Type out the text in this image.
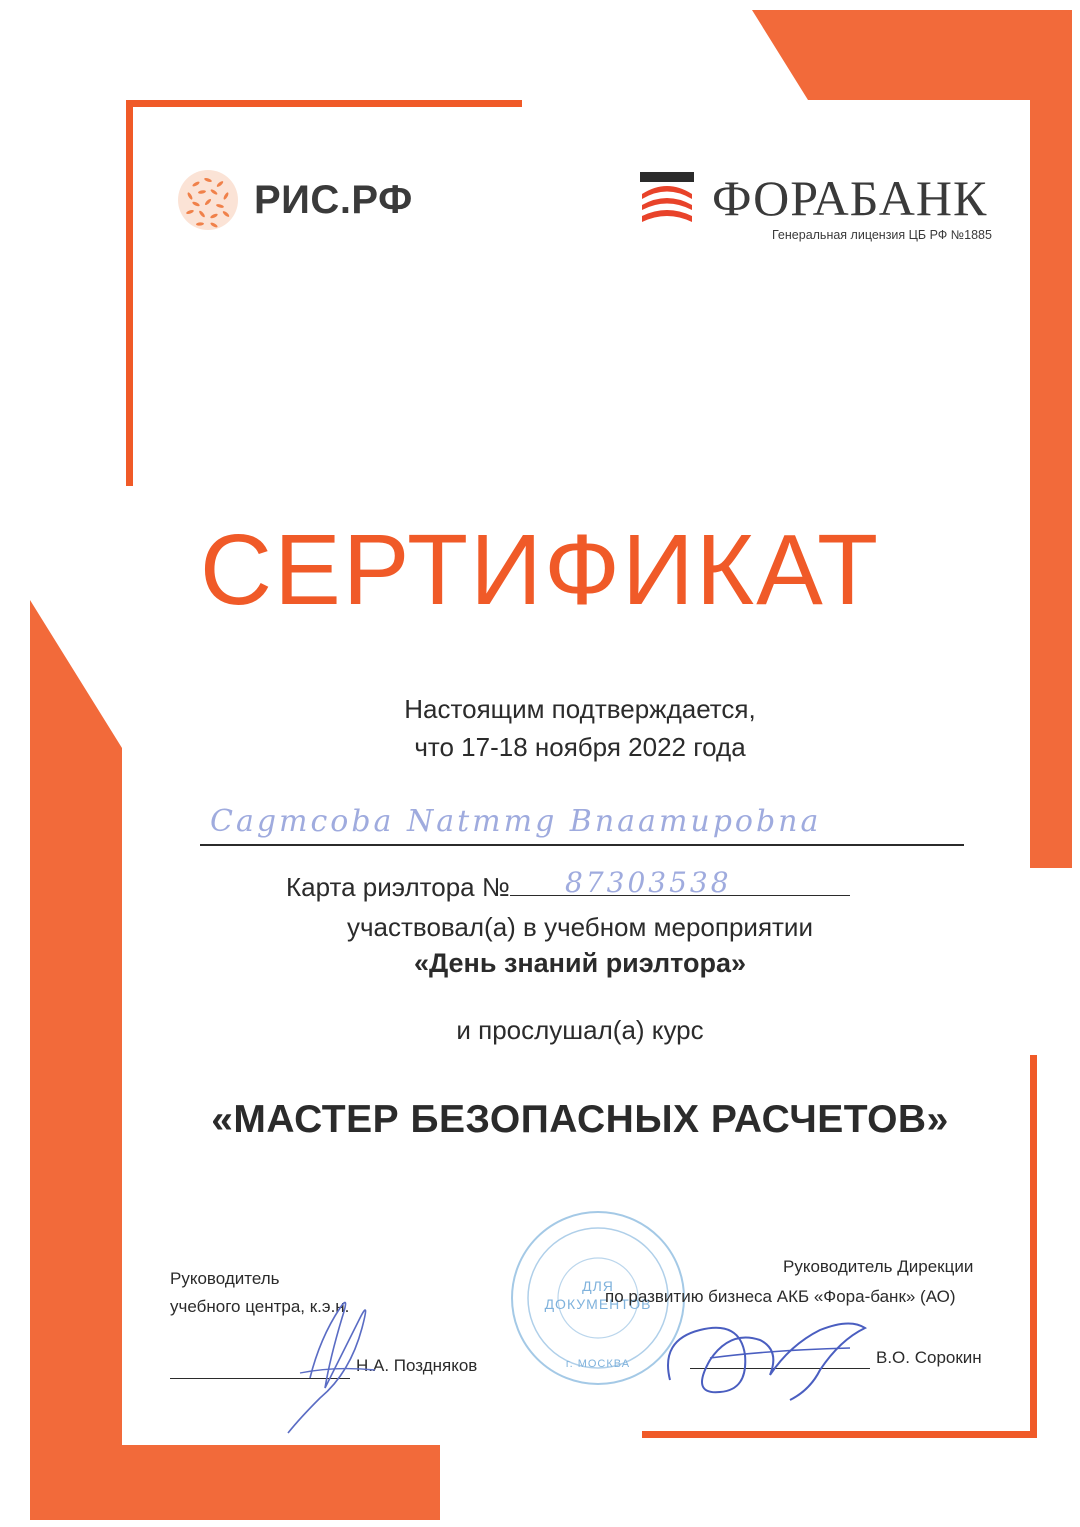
РИС.РФ	ФОРАБАНК
Генеральная лицензия ЦБ РФ №1885
СЕРТИФИКАТ
Настоящим подтверждается,
что 17-18 ноября 2022 года
Cagmcoba Natmmg Bnaamupobna
Карта риэлтора №	87303538
участвовал(а) в учебном мероприятии
«День знаний риэлтора»
и прослушал(а) курс
«МАСТЕР БЕЗОПАСНЫХ РАСЧЕТОВ»
Руководитель
учебного центра, к.э.н.
Н.А. Поздняков
ДЛЯ
ДОКУМЕНТОВ
г. МОСКВА
Руководитель Дирекции
по развитию бизнеса АКБ «Фора-банк» (АО)
В.О. Сорокин
